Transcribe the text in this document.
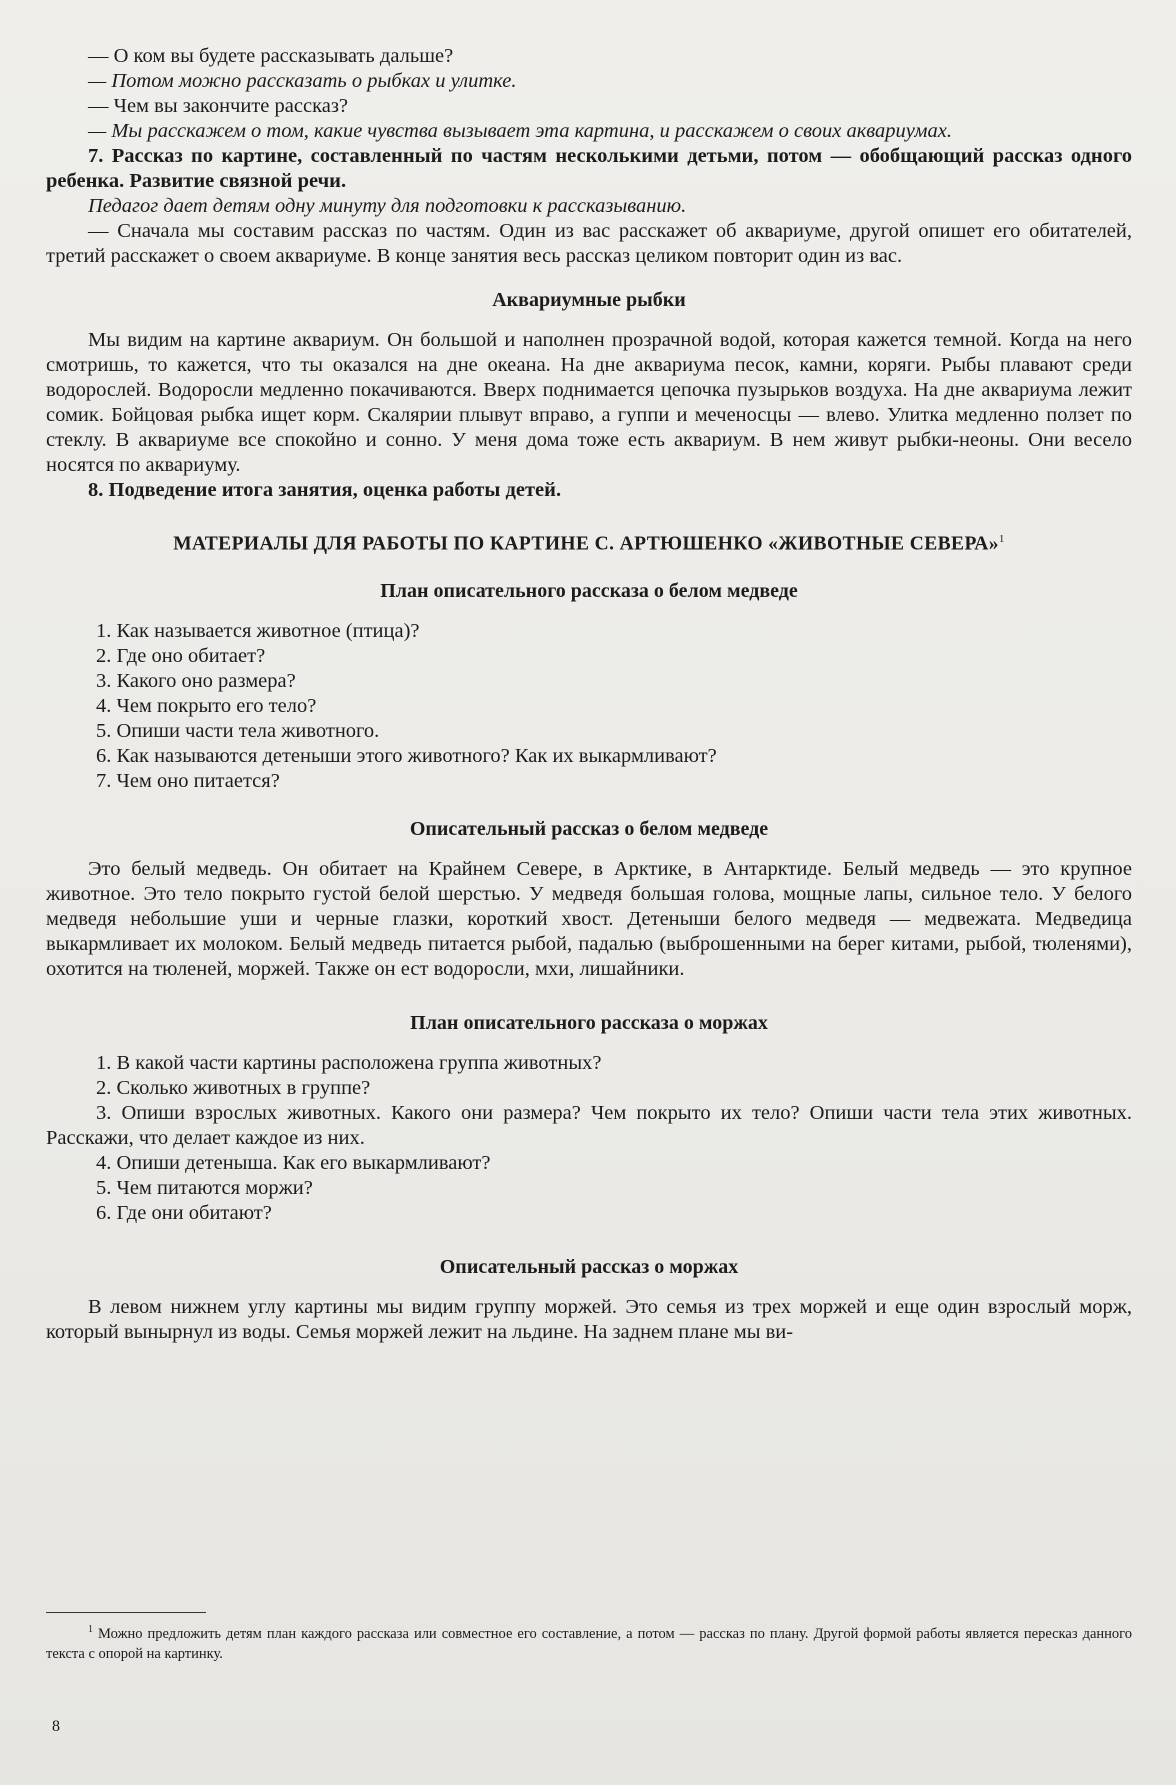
— О ком вы будете рассказывать дальше?
— Потом можно рассказать о рыбках и улитке.
— Чем вы закончите рассказ?
— Мы расскажем о том, какие чувства вызывает эта картина, и расскажем о своих аквариумах.

7. Рассказ по картине, составленный по частям несколькими детьми, потом — обобщающий рассказ одного ребенка. Развитие связной речи.

Педагог дает детям одну минуту для подготовки к рассказыванию.

— Сначала мы составим рассказ по частям. Один из вас расскажет об аквариуме, другой опишет его обитателей, третий расскажет о своем аквариуме. В конце занятия весь рассказ целиком повторит один из вас.

Аквариумные рыбки

Мы видим на картине аквариум. Он большой и наполнен прозрачной водой, которая кажется темной. Когда на него смотришь, то кажется, что ты оказался на дне океана. На дне аквариума песок, камни, коряги. Рыбы плавают среди водорослей. Водоросли медленно покачиваются. Вверх поднимается цепочка пузырьков воздуха. На дне аквариума лежит сомик. Бойцовая рыбка ищет корм. Скалярии плывут вправо, а гуппи и меченосцы — влево. Улитка медленно ползет по стеклу. В аквариуме все спокойно и сонно. У меня дома тоже есть аквариум. В нем живут рыбки-неоны. Они весело носятся по аквариуму.

8. Подведение итога занятия, оценка работы детей.

МАТЕРИАЛЫ ДЛЯ РАБОТЫ ПО КАРТИНЕ С. АРТЮШЕНКО «ЖИВОТНЫЕ СЕВЕРА»$^1$
План описательного рассказа о белом медведе
1. Как называется животное (птица)?
2. Где оно обитает?
3. Какого оно размера?
4. Чем покрыто его тело?
5. Опиши части тела животного.
6. Как называются детеныши этого животного? Как их выкармливают?
7. Чем оно питается?
Описательный рассказ о белом медведе

Это белый медведь. Он обитает на Крайнем Севере, в Арктике, в Антарктиде. Белый медведь — это крупное животное. Это тело покрыто густой белой шерстью. У медведя большая голова, мощные лапы, сильное тело. У белого медведя небольшие уши и черные глазки, короткий хвост. Детеныши белого медведя — медвежата. Медведица выкармливает их молоком. Белый медведь питается рыбой, падалью (выброшенными на берег китами, рыбой, тюленями), охотится на тюленей, моржей. Также он ест водоросли, мхи, лишайники.

План описательного рассказа о моржах
1. В какой части картины расположена группа животных?
2. Сколько животных в группе?
3. Опиши взрослых животных. Какого они размера? Чем покрыто их тело? Опиши части тела этих животных. Расскажи, что делает каждое из них.
4. Опиши детеныша. Как его выкармливают?
5. Чем питаются моржи?
6. Где они обитают?
Описательный рассказ о моржах

В левом нижнем углу картины мы видим группу моржей. Это семья из трех моржей и еще один взрослый морж, который вынырнул из воды. Семья моржей лежит на льдине. На заднем плане мы ви-

$^1$ Можно предложить детям план каждого рассказа или совместное его составление, а потом — рассказ по плану. Другой формой работы является пересказ данного текста с опорой на картинку.
8
